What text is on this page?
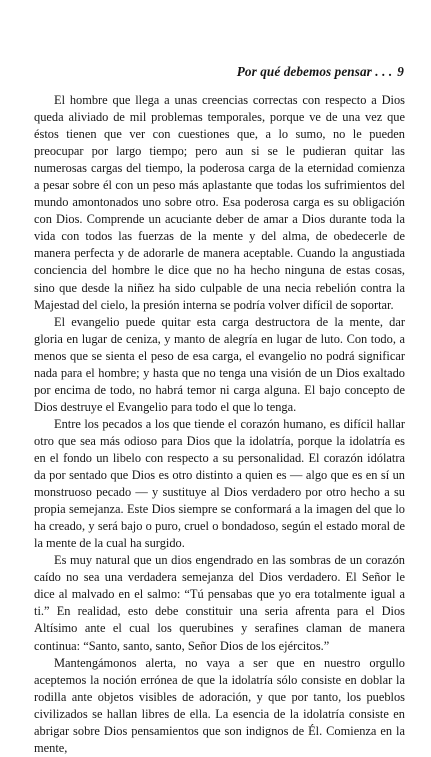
Por qué debemos pensar . . . 9

El hombre que llega a unas creencias correctas con respecto a Dios queda aliviado de mil problemas temporales, porque ve de una vez que éstos tienen que ver con cuestiones que, a lo sumo, no le pueden preocupar por largo tiempo; pero aun si se le pudieran quitar las numerosas cargas del tiempo, la poderosa carga de la eternidad comienza a pesar sobre él con un peso más aplastante que todas los sufrimientos del mundo amontonados uno sobre otro. Esa poderosa carga es su obligación con Dios. Comprende un acuciante deber de amar a Dios durante toda la vida con todos las fuerzas de la mente y del alma, de obedecerle de manera perfecta y de adorarle de manera aceptable. Cuando la angustiada conciencia del hombre le dice que no ha hecho ninguna de estas cosas, sino que desde la niñez ha sido culpable de una necia rebelión contra la Majestad del cielo, la presión interna se podría volver difícil de soportar.

El evangelio puede quitar esta carga destructora de la mente, dar gloria en lugar de ceniza, y manto de alegría en lugar de luto. Con todo, a menos que se sienta el peso de esa carga, el evangelio no podrá significar nada para el hombre; y hasta que no tenga una visión de un Dios exaltado por encima de todo, no habrá temor ni carga alguna. El bajo concepto de Dios destruye el Evangelio para todo el que lo tenga.

Entre los pecados a los que tiende el corazón humano, es difícil hallar otro que sea más odioso para Dios que la idolatría, porque la idolatría es en el fondo un libelo con respecto a su personalidad. El corazón idólatra da por sentado que Dios es otro distinto a quien es — algo que es en sí un monstruoso pecado — y sustituye al Dios verdadero por otro hecho a su propia semejanza. Este Dios siempre se conformará a la imagen del que lo ha creado, y será bajo o puro, cruel o bondadoso, según el estado moral de la mente de la cual ha surgido.

Es muy natural que un dios engendrado en las sombras de un corazón caído no sea una verdadera semejanza del Dios verdadero. El Señor le dice al malvado en el salmo: “Tú pensabas que yo era totalmente igual a ti.” En realidad, esto debe constituir una seria afrenta para el Dios Altísimo ante el cual los querubines y serafines claman de manera continua: “Santo, santo, santo, Señor Dios de los ejércitos.”

Mantengámonos alerta, no vaya a ser que en nuestro orgullo aceptemos la noción errónea de que la idolatría sólo consiste en doblar la rodilla ante objetos visibles de adoración, y que por tanto, los pueblos civilizados se hallan libres de ella. La esencia de la idolatría consiste en abrigar sobre Dios pensamientos que son indignos de Él. Comienza en la mente,
